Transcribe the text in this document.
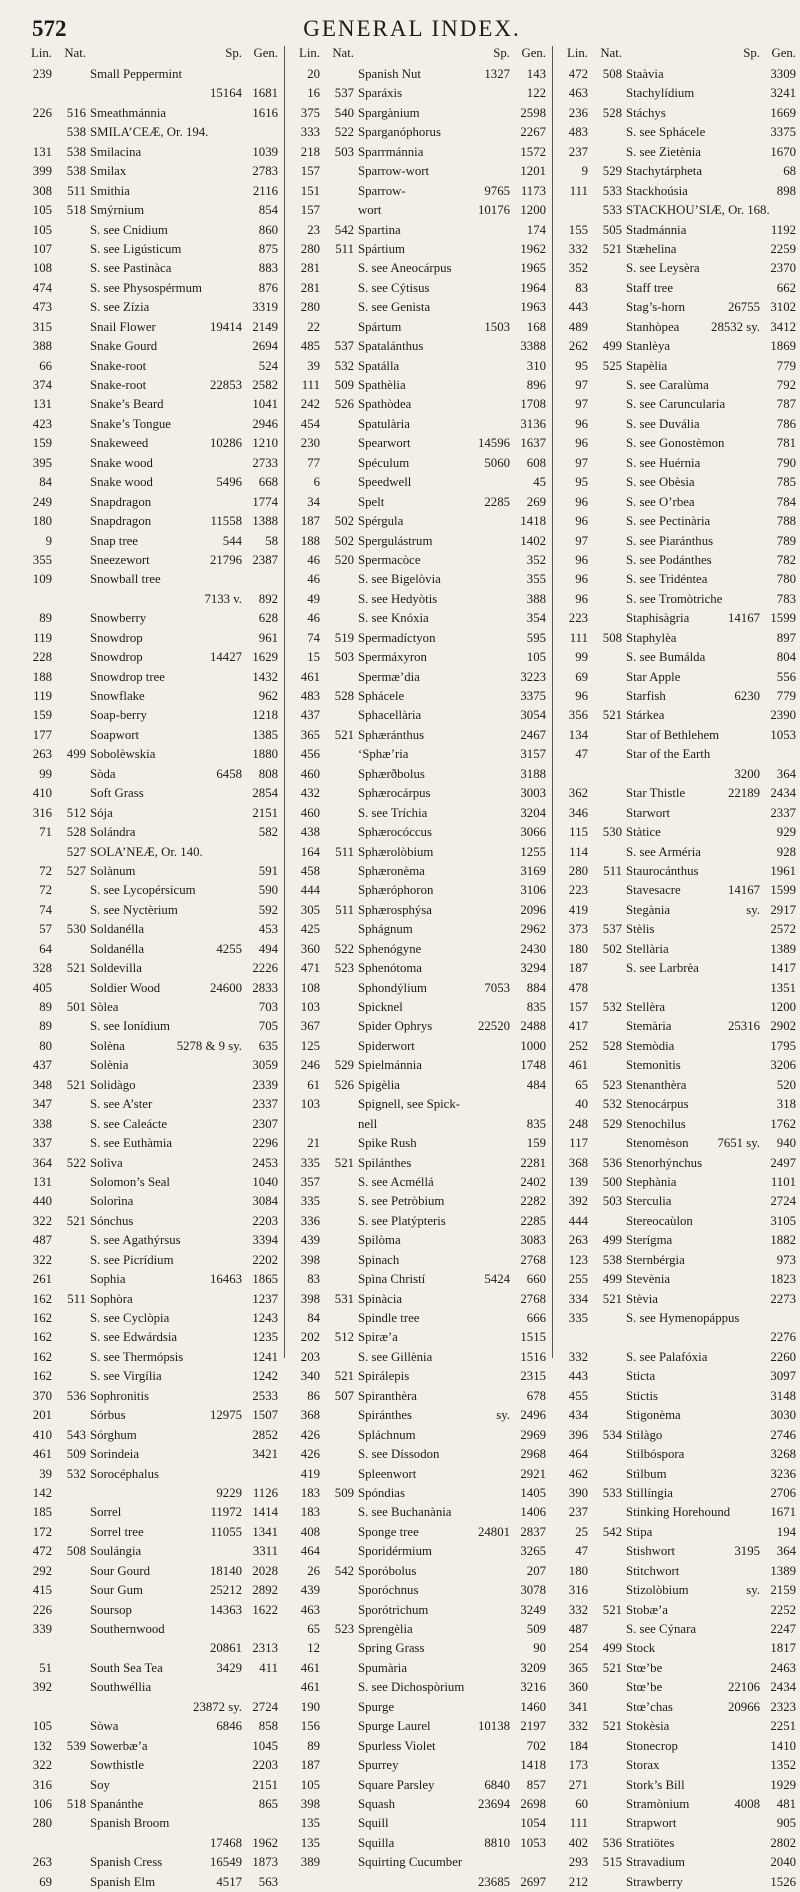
572	GENERAL INDEX.
Lin. Nat.	Sp. Gen.
239	Small Peppermint
15164 1681
226	516 Smeathmánnia	1616
538 SMILA’CEÆ, Or. 194.
131	538 Smilacina	1039
399	538 Smilax	2783
308	511 Smithia	2116
105	518 Smýrnium	854
105	S. see Cnidium	860
107	S. see Ligústicum	875
108	S. see Pastinàca	883
474	S. see Physospérmum	876
473	S. see Zízia	3319
315	Snail Flower	19414 2149
388	Snake Gourd	2694
66	Snake-root	524
374	Snake-root	22853 2582
131	Snake’s Beard	1041
423	Snake’s Tongue	2946
159	Snakeweed	10286 1210
395	Snake wood	2733
84	Snake wood	5496	668
249	Snapdragon	1774
180	Snapdragon	11558 1388
9	Snap tree	544	58
355	Sneezewort	21796 2387
109	Snowball tree
7133 v.	892
89	Snowberry	628
119	Snowdrop	961
228	Snowdrop	14427 1629
188	Snowdrop tree	1432
119	Snowflake	962
159	Soap-berry	1218
177	Soapwort	1385
263	499 Sobolèwskia	1880
99	Sòda	6458	808
410	Soft Grass	2854
316	512 Sója	2151
71	528 Solándra	582
527 SOLA’NEÆ, Or. 140.
72	527 Solànum	591
72	S. see Lycopérsicum	590
74	S. see Nyctèrium	592
57	530 Soldanélla	453
64	Soldanélla	4255	494
328	521 Soldevilla	2226
405	Soldier Wood	24600 2833
89	501 Sòlea	703
89	S. see Ionídium	705
80	Solèna	5278 & 9 sy.	635
437	Solènia	3059
348	521 Solidàgo	2339
347	S. see A’ster	2337
338	S. see Caleácte	2307
337	S. see Euthàmia	2296
364	522 Solìva	2453
131	Solomon’s Seal	1040
440	Solorìna	3084
322	521 Sónchus	2203
487	S. see Agathýrsus	3394
322	S. see Picrídium	2202
261	Sophia	16463 1865
162	511 Sophòra	1237
162	S. see Cyclòpia	1243
162	S. see Edwárdsia	1235
162	S. see Thermópsis	1241
162	S. see Virgília	1242
370	536 Sophronitis	2533
201	Sórbus	12975 1507
410	543 Sórghum	2852
461	509 Sorindeia	3421
39	532 Sorocéphalus
142	9229 1126
185	Sorrel	11972 1414
172	Sorrel tree	11055 1341
472	508 Soulángia	3311
292	Sour Gourd	18140 2028
415	Sour Gum	25212 2892
226	Soursop	14363 1622
339	Southernwood
20861 2313
51	South Sea Tea	3429	411
392	Southwéllia
23872 sy. 2724
105	Sòwa	6846	858
132	539 Sowerbæ’a	1045
322	Sowthistle	2203
316	Soy	2151
106	518 Spanánthe	865
280	Spanish Broom
17468 1962
263	Spanish Cress	16549 1873
69	Spanish Elm	4517	563
Lin. Nat.	Sp. Gen.
20	Spanish Nut	1327	143
16	537 Sparáxis	122
375	540 Spargànium	2598
333	522 Sparganóphorus	2267
218	503 Sparrmánnia	1572
157	Sparrow-wort	1201
151	Sparrow-	9765 1173
157	wort	10176 1200
23	542 Spartina	174
280	511 Spártium	1962
281	S. see Aneocárpus	1965
281	S. see Cýtisus	1964
280	S. see Genista	1963
22	Spártum	1503	168
485	537 Spatalánthus	3388
39	532 Spatálla	310
111	509 Spathèlia	896
242	526 Spathòdea	1708
454	Spatulària	3136
230	Spearwort	14596 1637
77	Spéculum	5060	608
6	Speedwell	45
34	Spelt	2285	269
187	502 Spérgula	1418
188	502 Spergulástrum	1402
46	520 Spermacòce	352
46	S. see Bigelòvia	355
49	S. see Hedyòtis	388
46	S. see Knóxia	354
74	519 Spermadíctyon	595
15	503 Spermáxyron	105
461	Spermæ’dia	3223
483	528 Sphácele	3375
437	Sphacellària	3054
365	521 Sphæránthus	2467
456	‘Sphæ’ria	3157
460	Sphærðbolus	3188
432	Sphærocárpus	3003
460	S. see Tríchia	3204
438	Sphærocóccus	3066
164	511 Sphærolòbium	1255
458	Sphæronèma	3169
444	Sphæróphoron	3106
305	511 Sphærosphýsa	2096
425	Sphágnum	2962
360	522 Sphenógyne	2430
471	523 Sphenótoma	3294
108	Sphondýlium	7053	884
103	Spicknel	835
367	Spider Ophrys	22520 2488
125	Spiderwort	1000
246	529 Spielmánnia	1748
61	526 Spigèlia	484
103	Spignell, see Spick-
nell	835
21	Spike Rush	159
335	521 Spilánthes	2281
357	S. see Acméllá	2402
335	S. see Petròbium	2282
336	S. see Platýpteris	2285
439	Spilòma	3083
398	Spinach	2768
83	Spìna Christí	5424	660
398	531 Spinàcia	2768
84	Spindle tree	666
202	512 Spiræ’a	1515
203	S. see Gillènia	1516
340	521 Spirálepis	2315
86	507 Spiranthèra	678
368	Spiránthes	sy. 2496
426	Spláchnum	2969
426	S. see Díssodon	2968
419	Spleenwort	2921
183	509 Spóndias	1405
183	S. see Buchanània	1406
408	Sponge tree	24801 2837
464	Sporidérmium	3265
26	542 Sporóbolus	207
439	Sporóchnus	3078
463	Sporótrichum	3249
65	523 Sprengèlia	509
12	Spring Grass	90
461	Spumària	3209
461	S. see Dichospòrium	3216
190	Spurge	1460
156	Spurge Laurel	10138 2197
89	Spurless Violet	702
187	Spurrey	1418
105	Square Parsley	6840	857
398	Squash	23694 2698
135	Squill	1054
135	Squilla	8810 1053
389	Squirting Cucumber
23685 2697
Lin. Nat.	Sp. Gen.
472	508 Staàvia	3309
463	Stachylídium	3241
236	528 Stáchys	1669
483	S. see Sphácele	3375
237	S. see Zietènia	1670
9	529 Stachytárpheta	68
111	533 Stackhoúsia	898
533 STACKHOU’SIÆ, Or. 168.
155	505 Stadmánnia	1192
332	521 Stæhelìna	2259
352	S. see Leysèra	2370
83	Staff tree	662
443	Stag’s-horn	26755 3102
489	Stanhòpea 28532 sy. 3412
262	499 Stanlèya	1869
95	525 Stapèlia	779
97	S. see Caralùma	792
97	S. see Caruncularia	787
96	S. see Duvália	786
96	S. see Gonostèmon	781
97	S. see Huérnia	790
95	S. see Obèsia	785
96	S. see O’rbea	784
96	S. see Pectinària	788
97	S. see Piaránthus	789
96	S. see Podánthes	782
96	S. see Tridéntea	780
96	S. see Tromòtriche	783
223	Staphisàgria	14167 1599
111	508 Staphylèa	897
99	S. see Bumálda	804
69	Star Apple	556
96	Starfish	6230	779
356	521 Stárkea	2390
134	Star of Bethlehem	1053
47	Star of the Earth
3200	364
362	Star Thistle	22189 2434
346	Starwort	2337
115	530 Stàtice	929
114	S. see Arméria	928
280	511 Staurocánthus	1961
223	Stavesacre	14167 1599
419	Stegània	sy. 2917
373	537 Stèlis	2572
180	502 Stellària	1389
187	S. see Larbrèa	1417
478	1351
157	532 Stellèra	1200
417	Stemària	25316 2902
252	528 Stemòdia	1795
461	Stemonìtis	3206
65	523 Stenanthèra	520
40	532 Stenocárpus	318
248	529 Stenochìlus	1762
117	Stenomèson 7651 sy.	940
368	536 Stenorhýnchus	2497
139	500 Stephània	1101
392	503 Sterculia	2724
444	Stereocaùlon	3105
263	499 Sterígma	1882
123	538 Sternbérgia	973
255	499 Stevènia	1823
334	521 Stèvia	2273
335	S. see Hymenopáppus
2276
332	S. see Palafóxia	2260
443	Sticta	3097
455	Stictis	3148
434	Stigonèma	3030
396	534 Stilàgo	2746
464	Stilbóspora	3268
462	Stìlbum	3236
390	533 Stillíngia	2706
237	Stinking Horehound	1671
25	542 Stipa	194
47	Stishwort	3195	364
180	Stitchwort	1389
316	Stizolòbium	sy. 2159
332	521 Stobæ’a	2252
487	S. see Cýnara	2247
254	499 Stock	1817
365	521 Stœ’be	2463
360	Stœ’be	22106 2434
341	Stœ’chas	20966 2323
332	521 Stokèsia	2251
184	Stonecrop	1410
173	Storax	1352
271	Stork’s Bill	1929
60	Stramònium	4008	481
111	Strapwort	905
402	536 Stratiötes	2802
293	515 Stravadium	2040
212	Strawberry	1526
